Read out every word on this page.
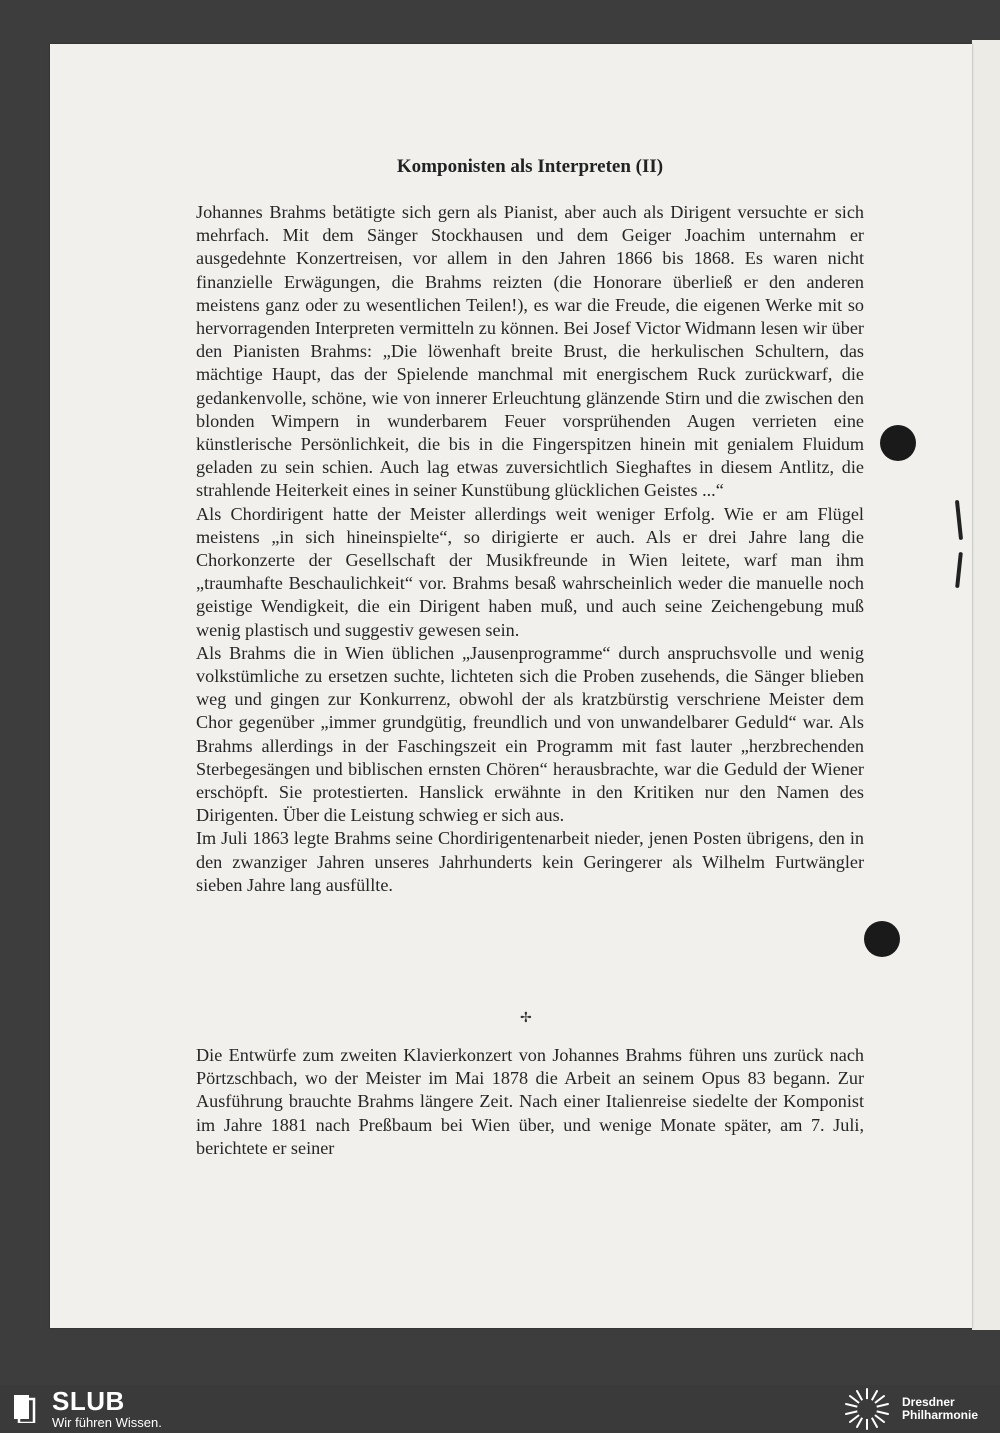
Komponisten als Interpreten (II)

Johannes Brahms betätigte sich gern als Pianist, aber auch als Dirigent versuchte er sich mehrfach. Mit dem Sänger Stockhausen und dem Geiger Joachim unternahm er ausgedehnte Konzertreisen, vor allem in den Jahren 1866 bis 1868. Es waren nicht finanzielle Erwägungen, die Brahms reizten (die Honorare überließ er den anderen meistens ganz oder zu wesentlichen Teilen!), es war die Freude, die eigenen Werke mit so hervorragenden Interpreten vermitteln zu können. Bei Josef Victor Widmann lesen wir über den Pianisten Brahms: „Die löwenhaft breite Brust, die herkulischen Schultern, das mächtige Haupt, das der Spielende manchmal mit energischem Ruck zurückwarf, die gedankenvolle, schöne, wie von innerer Erleuchtung glänzende Stirn und die zwischen den blonden Wimpern in wunderbarem Feuer vorsprühenden Augen verrieten eine künstlerische Persönlichkeit, die bis in die Fingerspitzen hinein mit genialem Fluidum geladen zu sein schien. Auch lag etwas zuversichtlich Sieghaftes in diesem Antlitz, die strahlende Heiterkeit eines in seiner Kunstübung glücklichen Geistes ...“

Als Chordirigent hatte der Meister allerdings weit weniger Erfolg. Wie er am Flügel meistens „in sich hineinspielte“, so dirigierte er auch. Als er drei Jahre lang die Chorkonzerte der Gesellschaft der Musikfreunde in Wien leitete, warf man ihm „traumhafte Beschaulichkeit“ vor. Brahms besaß wahrscheinlich weder die manuelle noch geistige Wendigkeit, die ein Dirigent haben muß, und auch seine Zeichengebung muß wenig plastisch und suggestiv gewesen sein.

Als Brahms die in Wien üblichen „Jausenprogramme“ durch anspruchsvolle und wenig volkstümliche zu ersetzen suchte, lichteten sich die Proben zusehends, die Sänger blieben weg und gingen zur Konkurrenz, obwohl der als kratzbürstig verschriene Meister dem Chor gegenüber „immer grundgütig, freundlich und von unwandelbarer Geduld“ war. Als Brahms allerdings in der Faschingszeit ein Programm mit fast lauter „herzbrechenden Sterbegesängen und biblischen ernsten Chören“ herausbrachte, war die Geduld der Wiener erschöpft. Sie protestierten. Hanslick erwähnte in den Kritiken nur den Namen des Dirigenten. Über die Leistung schwieg er sich aus.

Im Juli 1863 legte Brahms seine Chordirigentenarbeit nieder, jenen Posten übrigens, den in den zwanziger Jahren unseres Jahrhunderts kein Geringerer als Wilhelm Furtwängler sieben Jahre lang ausfüllte.

✢

Die Entwürfe zum zweiten Klavierkonzert von Johannes Brahms führen uns zurück nach Pörtzschbach, wo der Meister im Mai 1878 die Arbeit an seinem Opus 83 begann. Zur Ausführung brauchte Brahms längere Zeit. Nach einer Italienreise siedelte der Komponist im Jahre 1881 nach Preßbaum bei Wien über, und wenige Monate später, am 7. Juli, berichtete er seiner

SLUB
Wir führen Wissen.
Dresdner
Philharmonie
